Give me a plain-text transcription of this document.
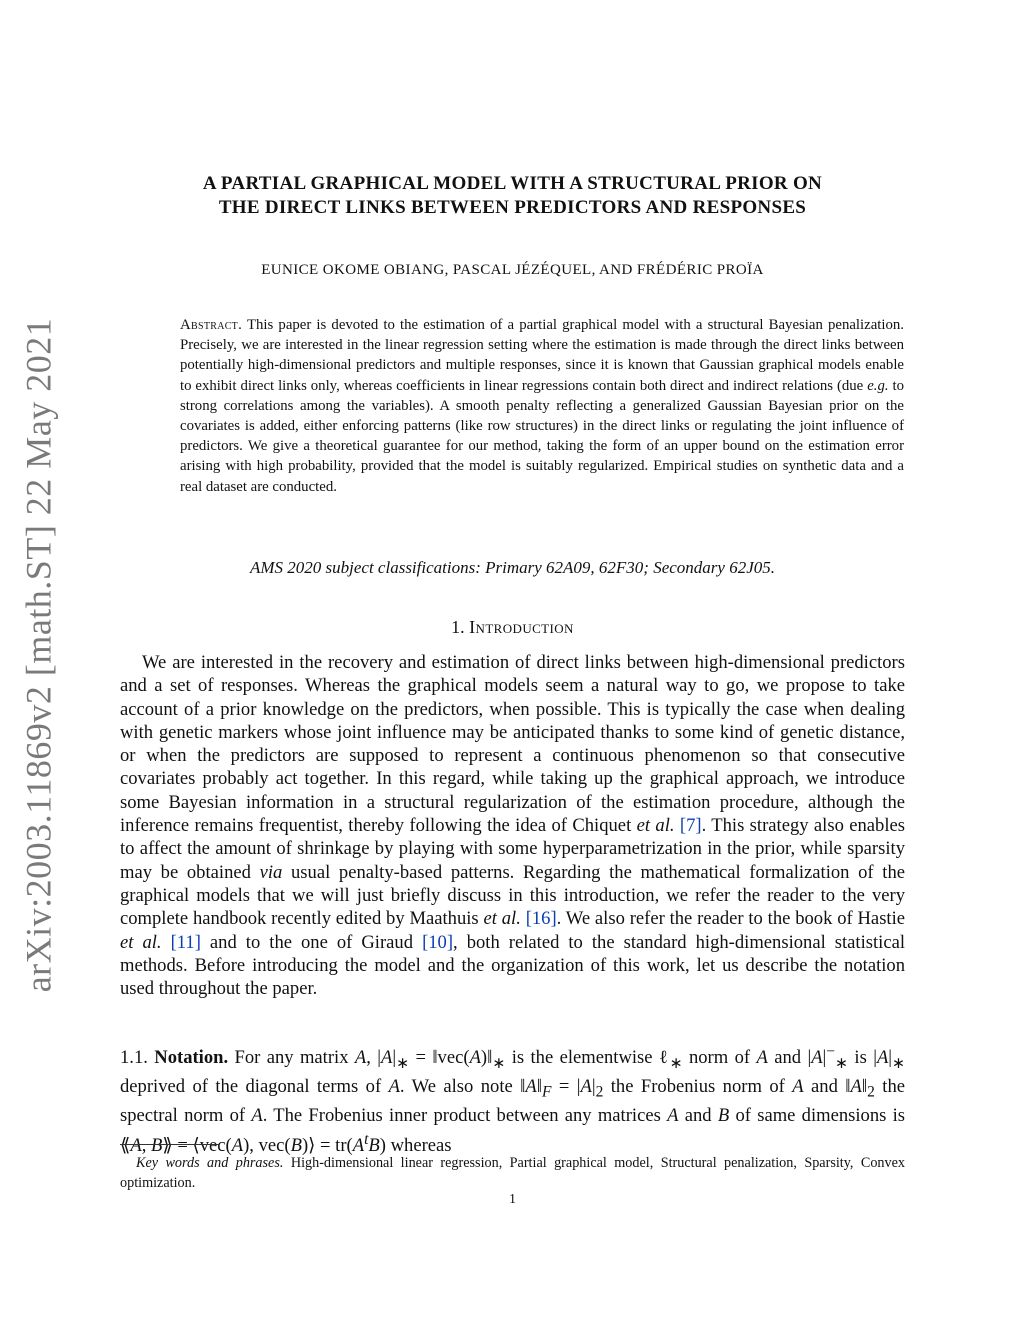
arXiv:2003.11869v2 [math.ST] 22 May 2021
A PARTIAL GRAPHICAL MODEL WITH A STRUCTURAL PRIOR ON
THE DIRECT LINKS BETWEEN PREDICTORS AND RESPONSES
EUNICE OKOME OBIANG, PASCAL JÉZÉQUEL, AND FRÉDÉRIC PROÏA
Abstract. This paper is devoted to the estimation of a partial graphical model with a structural Bayesian penalization. Precisely, we are interested in the linear regression setting where the estimation is made through the direct links between potentially high-dimensional predictors and multiple responses, since it is known that Gaussian graphical models enable to exhibit direct links only, whereas coefficients in linear regressions contain both direct and indirect relations (due e.g. to strong correlations among the variables). A smooth penalty reflecting a generalized Gaussian Bayesian prior on the covariates is added, either enforcing patterns (like row structures) in the direct links or regulating the joint influence of predictors. We give a theoretical guarantee for our method, taking the form of an upper bound on the estimation error arising with high probability, provided that the model is suitably regularized. Empirical studies on synthetic data and a real dataset are conducted.
AMS 2020 subject classifications: Primary 62A09, 62F30; Secondary 62J05.
1. Introduction

We are interested in the recovery and estimation of direct links between high-dimensional predictors and a set of responses. Whereas the graphical models seem a natural way to go, we propose to take account of a prior knowledge on the predictors, when possible. This is typically the case when dealing with genetic markers whose joint influence may be anticipated thanks to some kind of genetic distance, or when the predictors are supposed to represent a continuous phenomenon so that consecutive covariates probably act together. In this regard, while taking up the graphical approach, we introduce some Bayesian information in a structural regularization of the estimation procedure, although the inference remains frequentist, thereby following the idea of Chiquet et al. [7]. This strategy also enables to affect the amount of shrinkage by playing with some hyperparametrization in the prior, while sparsity may be obtained via usual penalty-based patterns. Regarding the mathematical formalization of the graphical models that we will just briefly discuss in this introduction, we refer the reader to the very complete handbook recently edited by Maathuis et al. [16]. We also refer the reader to the book of Hastie et al. [11] and to the one of Giraud [10], both related to the standard high-dimensional statistical methods. Before introducing the model and the organization of this work, let us describe the notation used throughout the paper.

1.1. Notation. For any matrix A, $|A|_∗$ = $‖vec(A)‖_∗$ is the elementwise ℓ$_∗$ norm of A and $|A|^-_∗$ is $|A|_∗$ deprived of the diagonal terms of A. We also note $‖A‖_F = |A|_2$ the Frobenius norm of A and $‖A‖_2$ the spectral norm of A. The Frobenius inner product between any matrices A and B of same dimensions is ⟪A, B⟫ = ⟨vec(A), vec(B)⟩ = $tr(A^tB)$ whereas

Key words and phrases. High-dimensional linear regression, Partial graphical model, Structural penalization, Sparsity, Convex optimization.
1
